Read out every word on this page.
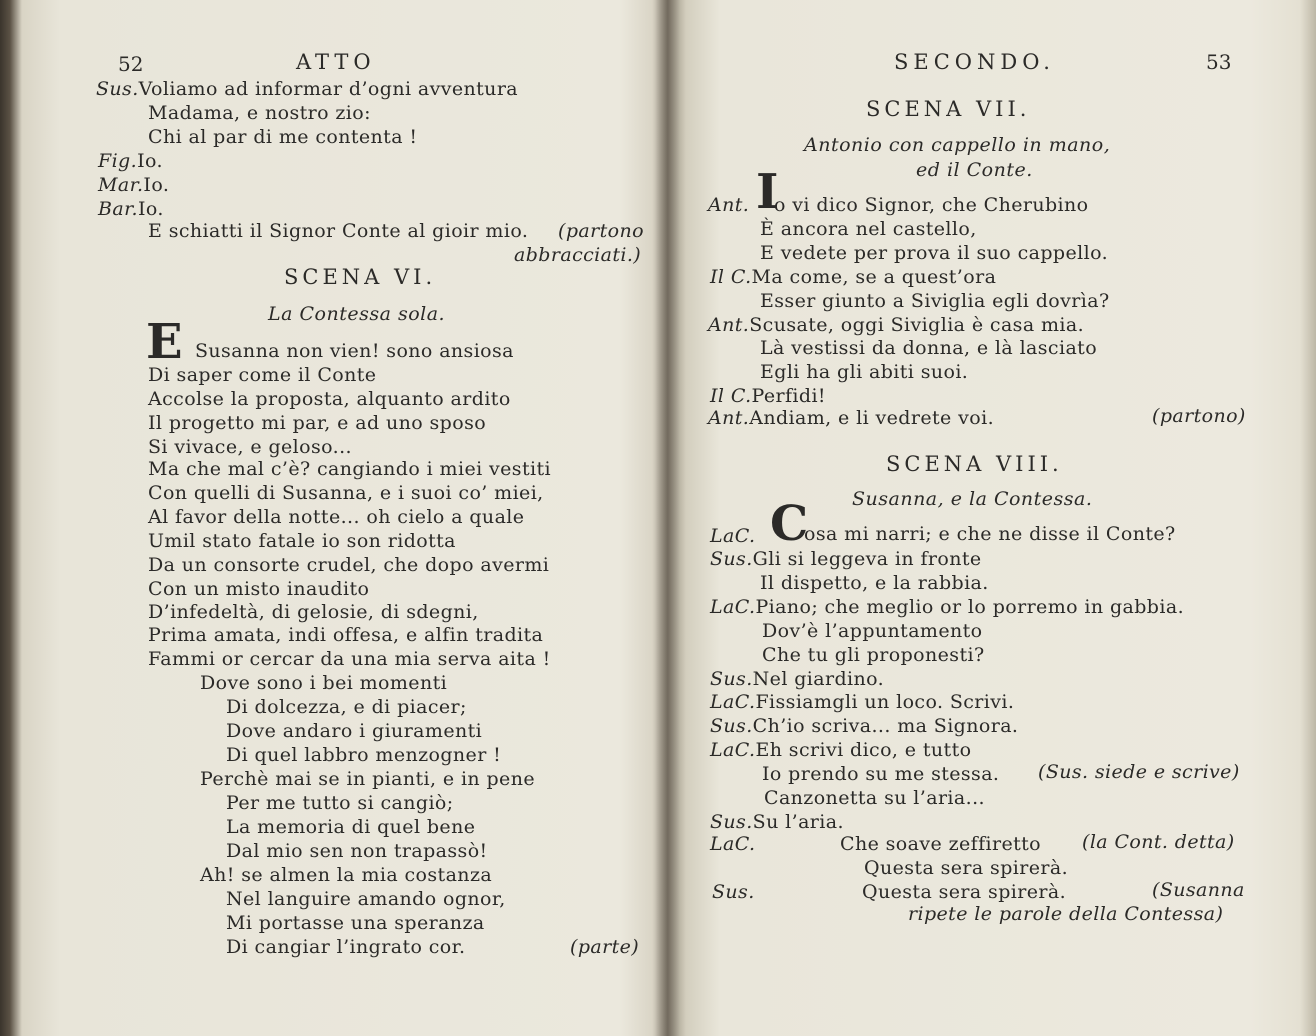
52	ATTO
Sus.Voliamo ad informar d’ogni avventura
Madama, e nostro zio:
Chi al par di me contenta !
Fig.Io.
Mar.Io.
Bar.Io.
E schiatti il Signor Conte al gioir mio. (partono
abbracciati.)
SCENA VI.
La Contessa sola.
E Susanna non vien! sono ansiosa
Di saper come il Conte
Accolse la proposta, alquanto ardito
Il progetto mi par, e ad uno sposo
Si vivace, e geloso...
Ma che mal c’è? cangiando i miei vestiti
Con quelli di Susanna, e i suoi co’ miei,
Al favor della notte... oh cielo a quale
Umil stato fatale io son ridotta
Da un consorte crudel, che dopo avermi
Con un misto inaudito
D’infedeltà, di gelosie, di sdegni,
Prima amata, indi offesa, e alfin tradita
Fammi or cercar da una mia serva aita !
Dove sono i bei momenti
Di dolcezza, e di piacer;
Dove andaro i giuramenti
Di quel labbro menzogner !
Perchè mai se in pianti, e in pene
Per me tutto si cangiò;
La memoria di quel bene
Dal mio sen non trapassò!
Ah! se almen la mia costanza
Nel languire amando ognor,
Mi portasse una speranza
Di cangiar l’ingrato cor.	(parte)
SECONDO.	53
SCENA VII.
Antonio con cappello in mano,
ed il Conte.
Ant. I
o vi dico Signor, che Cherubino
È ancora nel castello,
E vedete per prova il suo cappello.
Il C.Ma come, se a quest’ora
Esser giunto a Siviglia egli dovrìa?
Ant.Scusate, oggi Siviglia è casa mia.
Là vestissi da donna, e là lasciato
Egli ha gli abiti suoi.
Il C.Perfidi!
Ant.Andiam, e li vedrete voi.	(partono)
SCENA VIII.
Susanna, e la Contessa.
LaC. C
osa mi narri; e che ne disse il Conte?
Sus.Gli si leggeva in fronte
Il dispetto, e la rabbia.
LaC.Piano; che meglio or lo porremo in gabbia.
Dov’è l’appuntamento
Che tu gli proponesti?
Sus.Nel giardino.
LaC.Fissiamgli un loco. Scrivi.
Sus.Ch’io scriva... ma Signora.
LaC.Eh scrivi dico, e tutto
Io prendo su me stessa. (Sus. siede e scrive)
Canzonetta su l’aria...
Sus.Su l’aria.
LaC.	Che soave zeffiretto (la Cont. detta)
Questa sera spirerà.
Sus.	Questa sera spirerà.	(Susanna
ripete le parole della Contessa)
